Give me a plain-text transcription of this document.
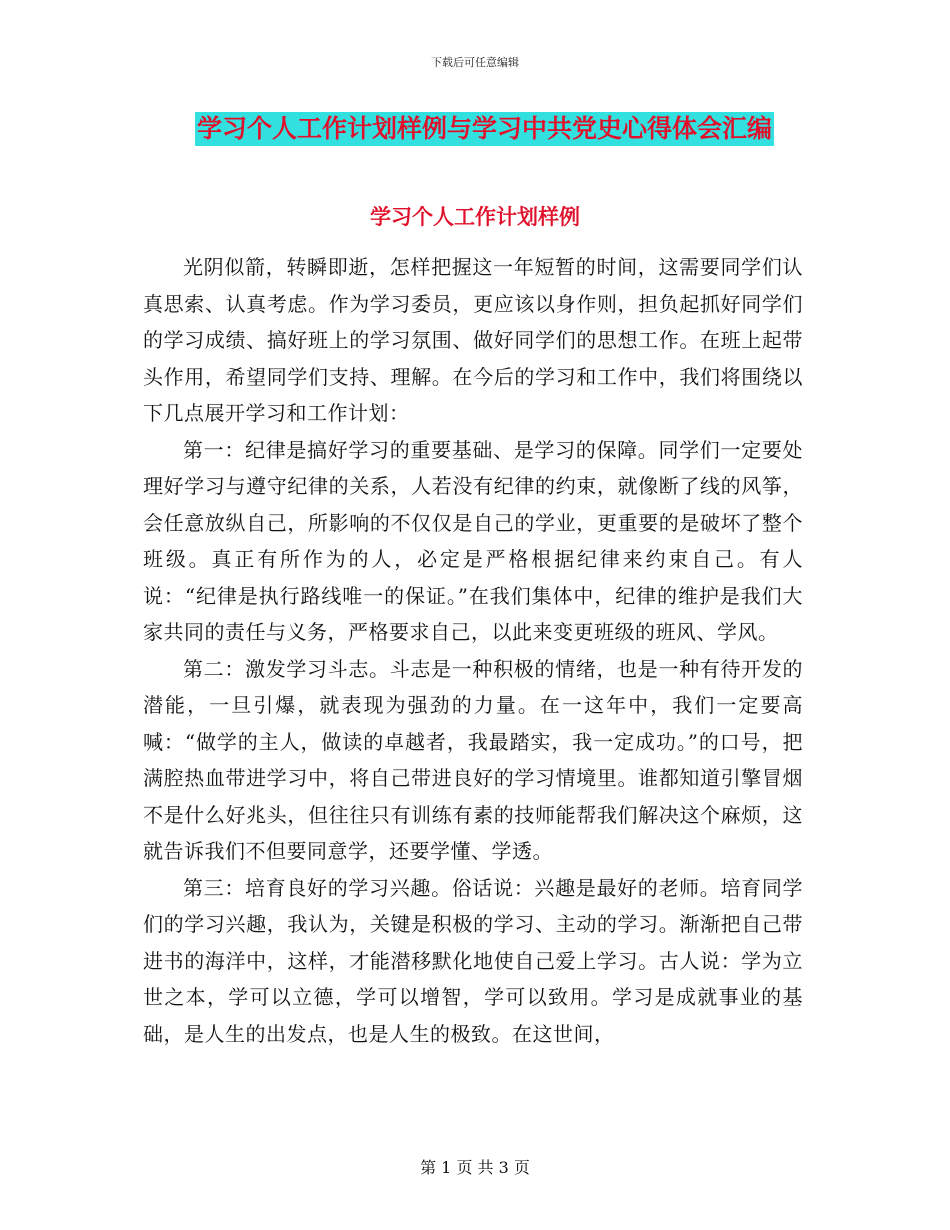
下载后可任意编辑
学习个人工作计划样例与学习中共党史心得体会汇编
学习个人工作计划样例

光阴似箭，转瞬即逝，怎样把握这一年短暂的时间，这需要同学们认真思索、认真考虑。作为学习委员，更应该以身作则，担负起抓好同学们的学习成绩、搞好班上的学习氛围、做好同学们的思想工作。在班上起带头作用，希望同学们支持、理解。在今后的学习和工作中，我们将围绕以下几点展开学习和工作计划：

第一：纪律是搞好学习的重要基础、是学习的保障。同学们一定要处理好学习与遵守纪律的关系，人若没有纪律的约束，就像断了线的风筝，会任意放纵自己，所影响的不仅仅是自己的学业，更重要的是破坏了整个班级。真正有所作为的人，必定是严格根据纪律来约束自己。有人说：“纪律是执行路线唯一的保证。”在我们集体中，纪律的维护是我们大家共同的责任与义务，严格要求自己，以此来变更班级的班风、学风。

第二：激发学习斗志。斗志是一种积极的情绪，也是一种有待开发的潜能，一旦引爆，就表现为强劲的力量。在一这年中，我们一定要高喊：“做学的主人，做读的卓越者，我最踏实，我一定成功。”的口号，把满腔热血带进学习中，将自己带进良好的学习情境里。谁都知道引擎冒烟不是什么好兆头，但往往只有训练有素的技师能帮我们解决这个麻烦，这就告诉我们不但要同意学，还要学懂、学透。

第三：培育良好的学习兴趣。俗话说：兴趣是最好的老师。培育同学们的学习兴趣，我认为，关键是积极的学习、主动的学习。渐渐把自己带进书的海洋中，这样，才能潜移默化地使自己爱上学习。古人说：学为立世之本，学可以立德，学可以增智，学可以致用。学习是成就事业的基础，是人生的出发点，也是人生的极致。在这世间，

第 1 页 共 3 页
